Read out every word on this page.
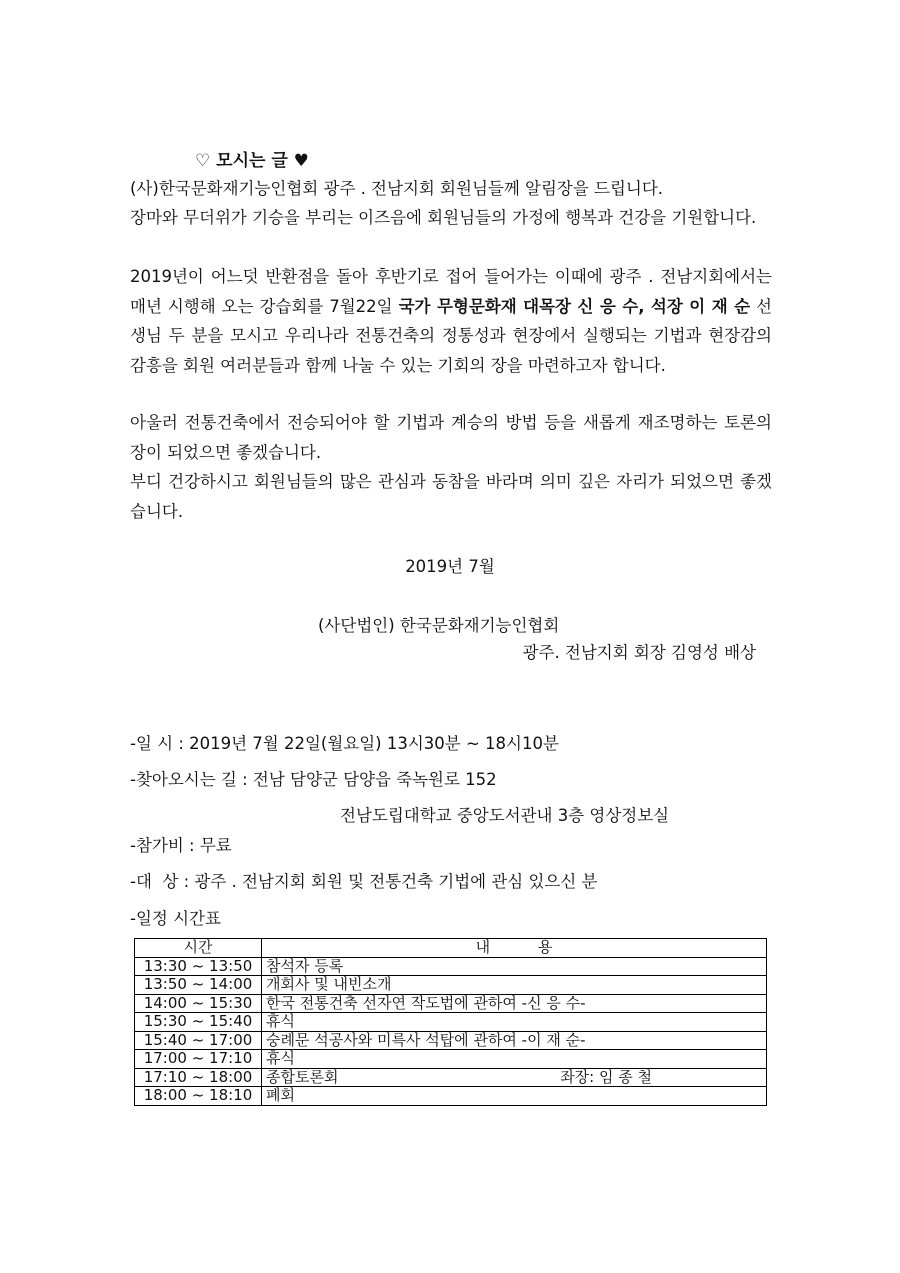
♡ 모시는 글 ♥
(사)한국문화재기능인협회 광주 . 전남지회 회원님들께 알림장을 드립니다.
장마와 무더위가 기승을 부리는 이즈음에 회원님들의 가정에 행복과 건강을 기원합니다.
2019년이 어느덧 반환점을 돌아 후반기로 접어 들어가는 이때에 광주 . 전남지회에서는 매년 시행해 오는 강습회를 7월22일 국가 무형문화재 대목장 신 응 수, 석장 이 재 순 선생님 두 분을 모시고 우리나라 전통건축의 정통성과 현장에서 실행되는 기법과 현장감의 감흥을 회원 여러분들과 함께 나눌 수 있는 기회의 장을 마련하고자 합니다.
아울러 전통건축에서 전승되어야 할 기법과 계승의 방법 등을 새롭게 재조명하는 토론의 장이 되었으면 좋겠습니다.
부디 건강하시고 회원님들의 많은 관심과 동참을 바라며 의미 깊은 자리가 되었으면 좋겠습니다.
2019년 7월
(사단법인) 한국문화재기능인협회
광주. 전남지회 회장 김영성 배상
-일 시 : 2019년 7월 22일(월요일) 13시30분 ~ 18시10분
-찾아오시는 길 : 전남 담양군 담양읍 죽녹원로 152
전남도립대학교 중앙도서관내 3층 영상정보실
-참가비 : 무료
-대  상 : 광주 . 전남지회 회원 및 전통건축 기법에 관심 있으신 분
-일정 시간표
시간	내          용
13:30 ~ 13:50	참석자 등록
13:50 ~ 14:00	개회사 및 내빈소개
14:00 ~ 15:30	한국 전통건축 선자연 작도법에 관하여 -신 응 수-
15:30 ~ 15:40	휴식
15:40 ~ 17:00	숭례문 석공사와 미륵사 석탑에 관하여 -이 재 순-
17:00 ~ 17:10	휴식
17:10 ~ 18:00	종합토론회 좌장: 임 종 철

18:00 ~ 18:10	폐회
